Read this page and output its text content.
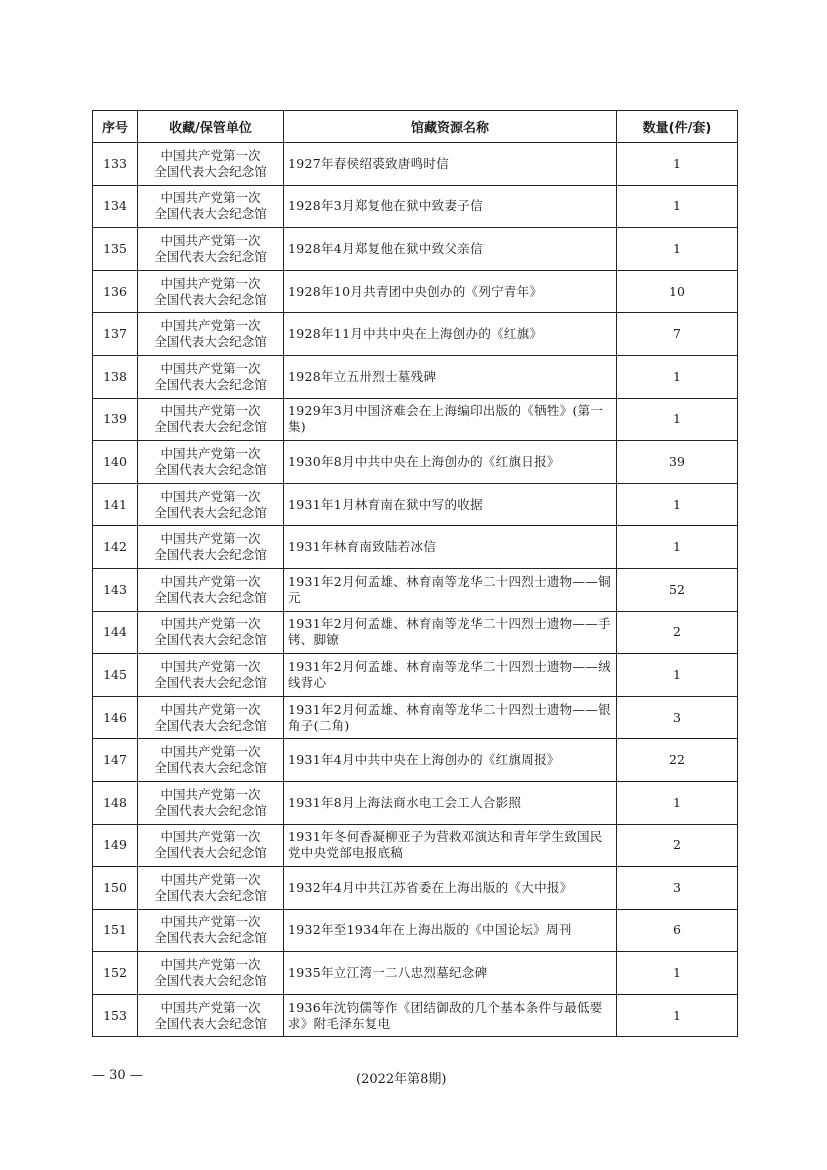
序号	收藏/保管单位	馆藏资源名称	数量(件/套)
133	中国共产党第一次
全国代表大会纪念馆	1927年春侯绍裘致唐鸣时信	1
134	中国共产党第一次
全国代表大会纪念馆	1928年3月郑复他在狱中致妻子信	1
135	中国共产党第一次
全国代表大会纪念馆	1928年4月郑复他在狱中致父亲信	1
136	中国共产党第一次
全国代表大会纪念馆	1928年10月共青团中央创办的《列宁青年》	10
137	中国共产党第一次
全国代表大会纪念馆	1928年11月中共中央在上海创办的《红旗》	7
138	中国共产党第一次
全国代表大会纪念馆	1928年立五卅烈士墓残碑	1
139	中国共产党第一次
全国代表大会纪念馆	1929年3月中国济难会在上海编印出版的《牺牲》(第一集)	1
140	中国共产党第一次
全国代表大会纪念馆	1930年8月中共中央在上海创办的《红旗日报》	39
141	中国共产党第一次
全国代表大会纪念馆	1931年1月林育南在狱中写的收据	1
142	中国共产党第一次
全国代表大会纪念馆	1931年林育南致陆若冰信	1
143	中国共产党第一次
全国代表大会纪念馆	1931年2月何孟雄、林育南等龙华二十四烈士遗物——铜元	52
144	中国共产党第一次
全国代表大会纪念馆	1931年2月何孟雄、林育南等龙华二十四烈士遗物——手铐、脚镣	2
145	中国共产党第一次
全国代表大会纪念馆	1931年2月何孟雄、林育南等龙华二十四烈士遗物——绒线背心	1
146	中国共产党第一次
全国代表大会纪念馆	1931年2月何孟雄、林育南等龙华二十四烈士遗物——银角子(二角)	3
147	中国共产党第一次
全国代表大会纪念馆	1931年4月中共中央在上海创办的《红旗周报》	22
148	中国共产党第一次
全国代表大会纪念馆	1931年8月上海法商水电工会工人合影照	1
149	中国共产党第一次
全国代表大会纪念馆	1931年冬何香凝柳亚子为营救邓演达和青年学生致国民党中央党部电报底稿	2
150	中国共产党第一次
全国代表大会纪念馆	1932年4月中共江苏省委在上海出版的《大中报》	3
151	中国共产党第一次
全国代表大会纪念馆	1932年至1934年在上海出版的《中国论坛》周刊	6
152	中国共产党第一次
全国代表大会纪念馆	1935年立江湾一二八忠烈墓纪念碑	1
153	中国共产党第一次
全国代表大会纪念馆	1936年沈钧儒等作《团结御敌的几个基本条件与最低要求》附毛泽东复电	1
— 30 —	(2022年第8期)
